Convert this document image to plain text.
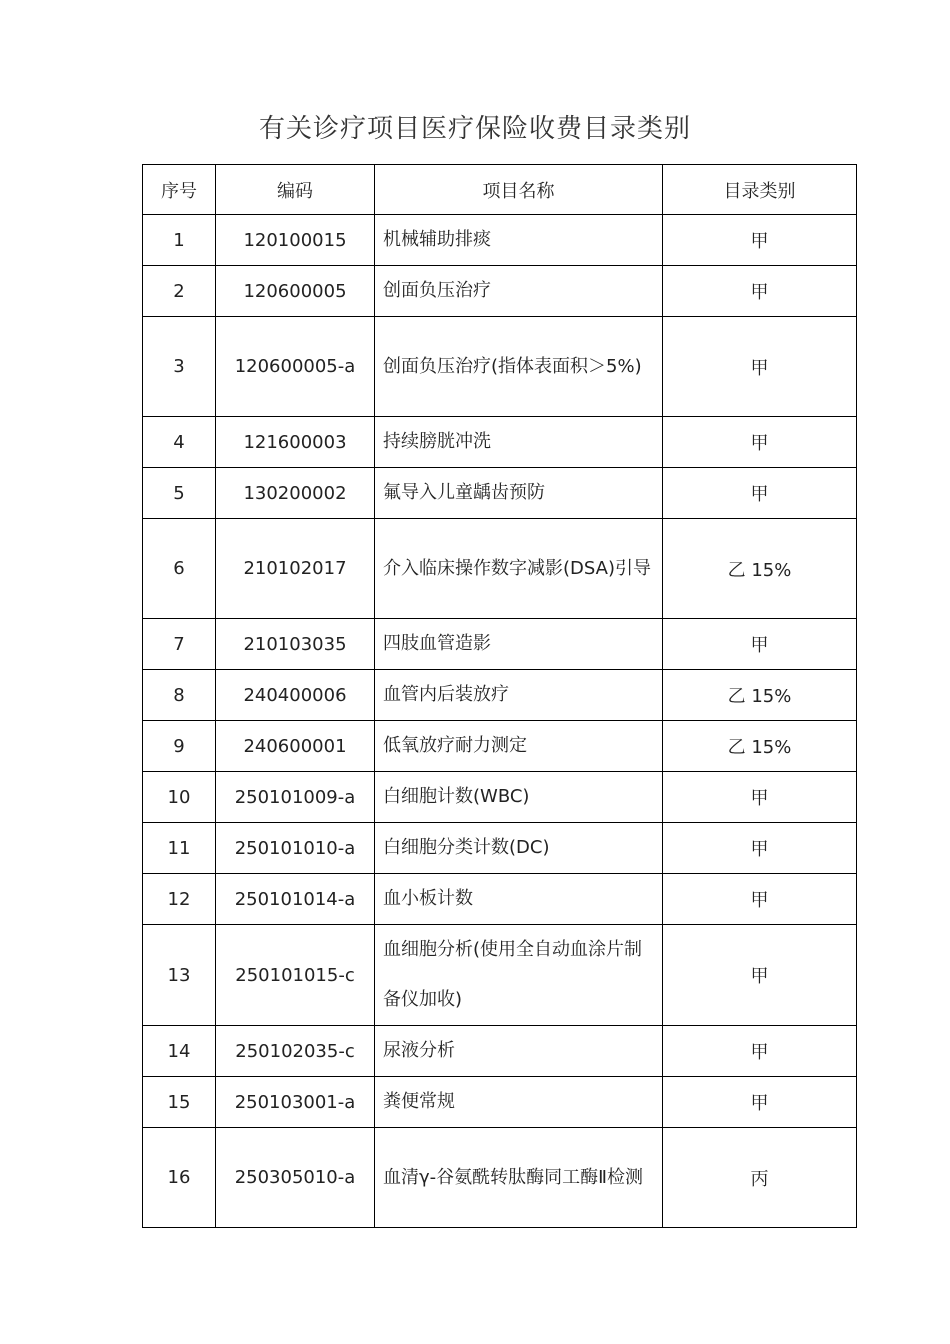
有关诊疗项目医疗保险收费目录类别
序号	编码	项目名称	目录类别
1	120100015	机械辅助排痰	甲
2	120600005	创面负压治疗	甲
3	120600005-a	创面负压治疗(指体表面积＞5%)	甲
4	121600003	持续膀胱冲洗	甲
5	130200002	氟导入儿童龋齿预防	甲
6	210102017	介入临床操作数字减影(DSA)引导	乙 15%
7	210103035	四肢血管造影	甲
8	240400006	血管内后装放疗	乙 15%
9	240600001	低氧放疗耐力测定	乙 15%
10	250101009-a	白细胞计数(WBC)	甲
11	250101010-a	白细胞分类计数(DC)	甲
12	250101014-a	血小板计数	甲
13	250101015-c	血细胞分析(使用全自动血涂片制备仪加收)	甲
14	250102035-c	尿液分析	甲
15	250103001-a	粪便常规	甲
16	250305010-a	血清γ-谷氨酰转肽酶同工酶Ⅱ检测	丙
